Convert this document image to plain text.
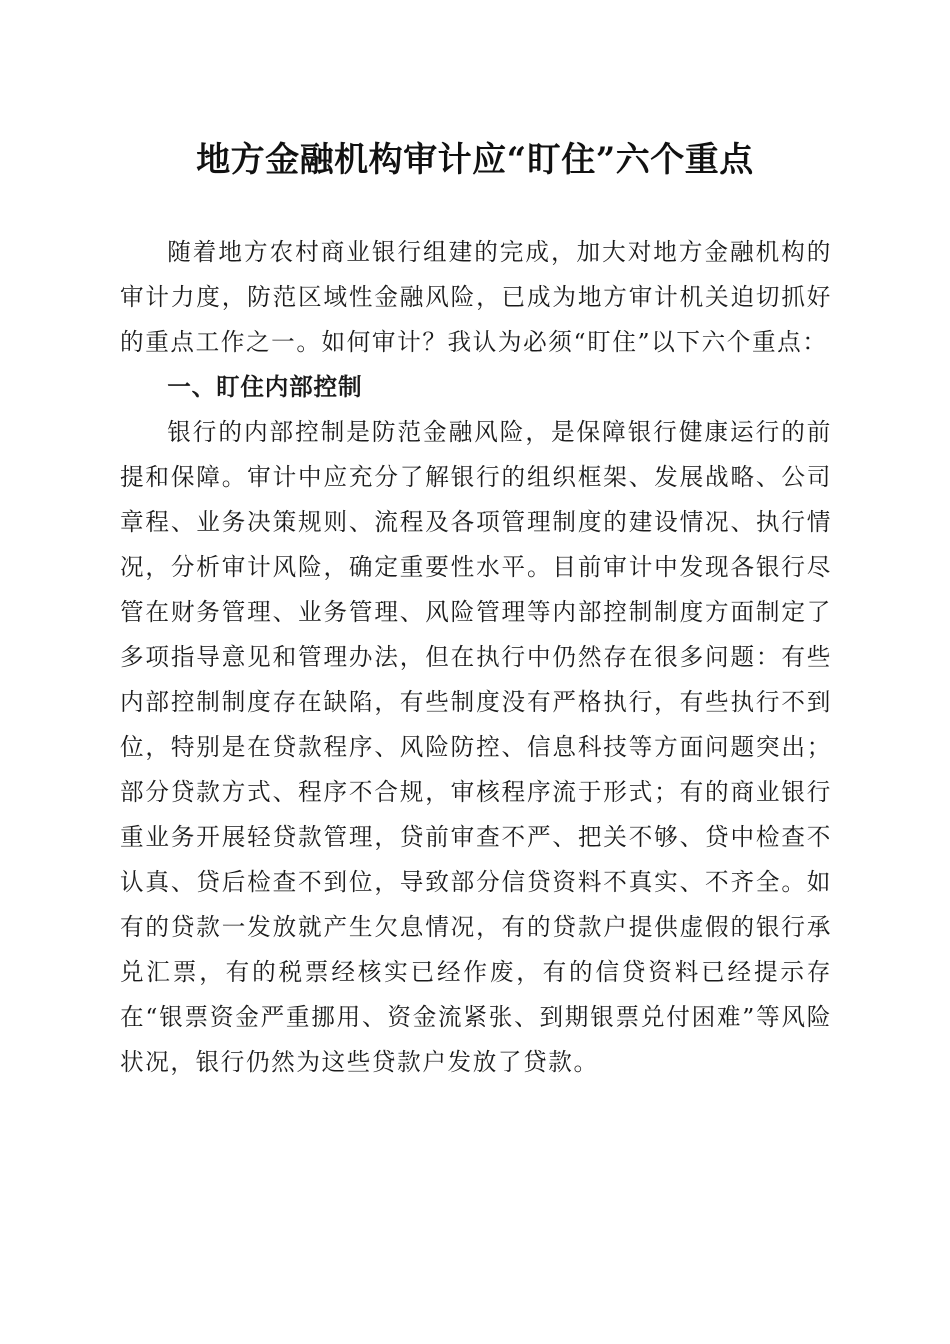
地方金融机构审计应“盯住”六个重点

随着地方农村商业银行组建的完成，加大对地方金融机构的审计力度，防范区域性金融风险，已成为地方审计机关迫切抓好的重点工作之一。如何审计？我认为必须“盯住”以下六个重点：

一、盯住内部控制

银行的内部控制是防范金融风险，是保障银行健康运行的前提和保障。审计中应充分了解银行的组织框架、发展战略、公司章程、业务决策规则、流程及各项管理制度的建设情况、执行情况，分析审计风险，确定重要性水平。目前审计中发现各银行尽管在财务管理、业务管理、风险管理等内部控制制度方面制定了多项指导意见和管理办法，但在执行中仍然存在很多问题：有些内部控制制度存在缺陷，有些制度没有严格执行，有些执行不到位，特别是在贷款程序、风险防控、信息科技等方面问题突出；部分贷款方式、程序不合规，审核程序流于形式；有的商业银行重业务开展轻贷款管理，贷前审查不严、把关不够、贷中检查不认真、贷后检查不到位，导致部分信贷资料不真实、不齐全。如有的贷款一发放就产生欠息情况，有的贷款户提供虚假的银行承兑汇票，有的税票经核实已经作废，有的信贷资料已经提示存在“银票资金严重挪用、资金流紧张、到期银票兑付困难”等风险状况，银行仍然为这些贷款户发放了贷款。
